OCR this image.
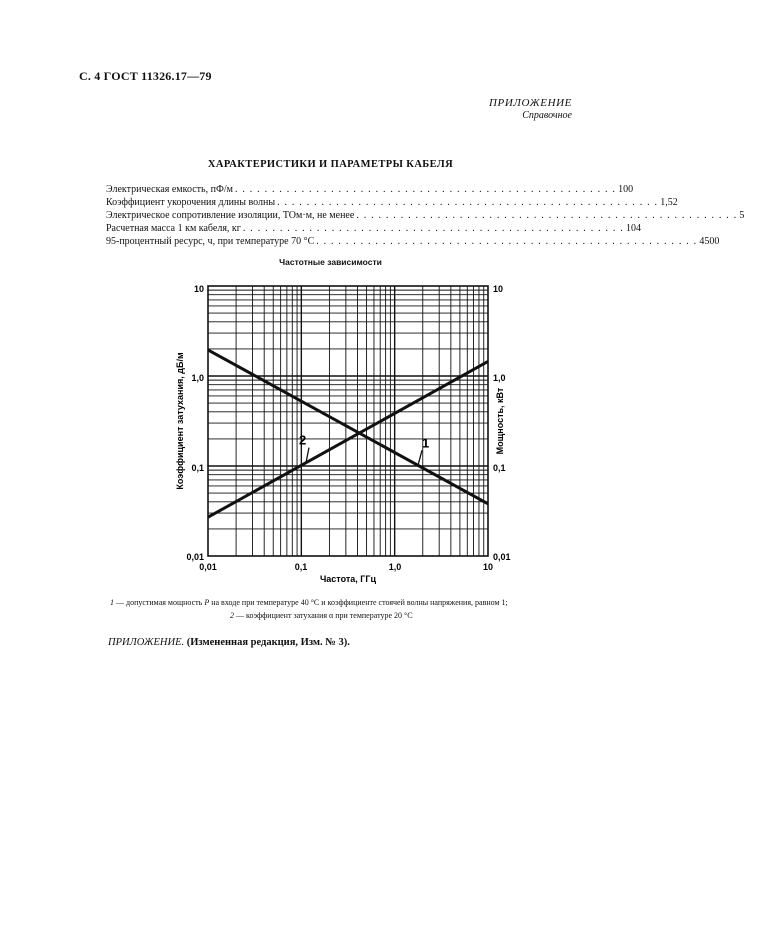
С. 4 ГОСТ 11326.17—79
ПРИЛОЖЕНИЕ
Справочное
ХАРАКТЕРИСТИКИ И ПАРАМЕТРЫ КАБЕЛЯ
Электрическая емкость, пФ/м . . . . . . . . . . . . . . . . . . . . . . . . . . . . . . . . . . . . . . . . . . . . . . . . . . . . 100
Коэффициент укорочения длины волны . . . . . . . . . . . . . . . . . . . . . . . . . . . . . . . . . . . . . . . . . . . . . . . . . . . . 1,52
Электрическое сопротивление изоляции, ТОм·м, не менее . . . . . . . . . . . . . . . . . . . . . . . . . . . . . . . . . . . . . . . . . . . . . . . . . . . . 5
Расчетная масса 1 км кабеля, кг . . . . . . . . . . . . . . . . . . . . . . . . . . . . . . . . . . . . . . . . . . . . . . . . . . . . 104
95-процентный ресурс, ч, при температуре 70 °С . . . . . . . . . . . . . . . . . . . . . . . . . . . . . . . . . . . . . . . . . . . . . . . . . . . . 4500
Частотные зависимости
1
2
10
1,0
0,1
0,01
10
1,0
0,1
0,01
0,01	0,1	1,0	10
Частота, ГГц
Коэффициент затухания, дБ/м	Мощность, кВт
1 — допустимая мощность P на входе при температуре 40 °С и коэффициенте стоячей волны напряжения, равном 1;
2 — коэффициент затухания α при температуре 20 °С
ПРИЛОЖЕНИЕ. (Измененная редакция, Изм. № 3).
